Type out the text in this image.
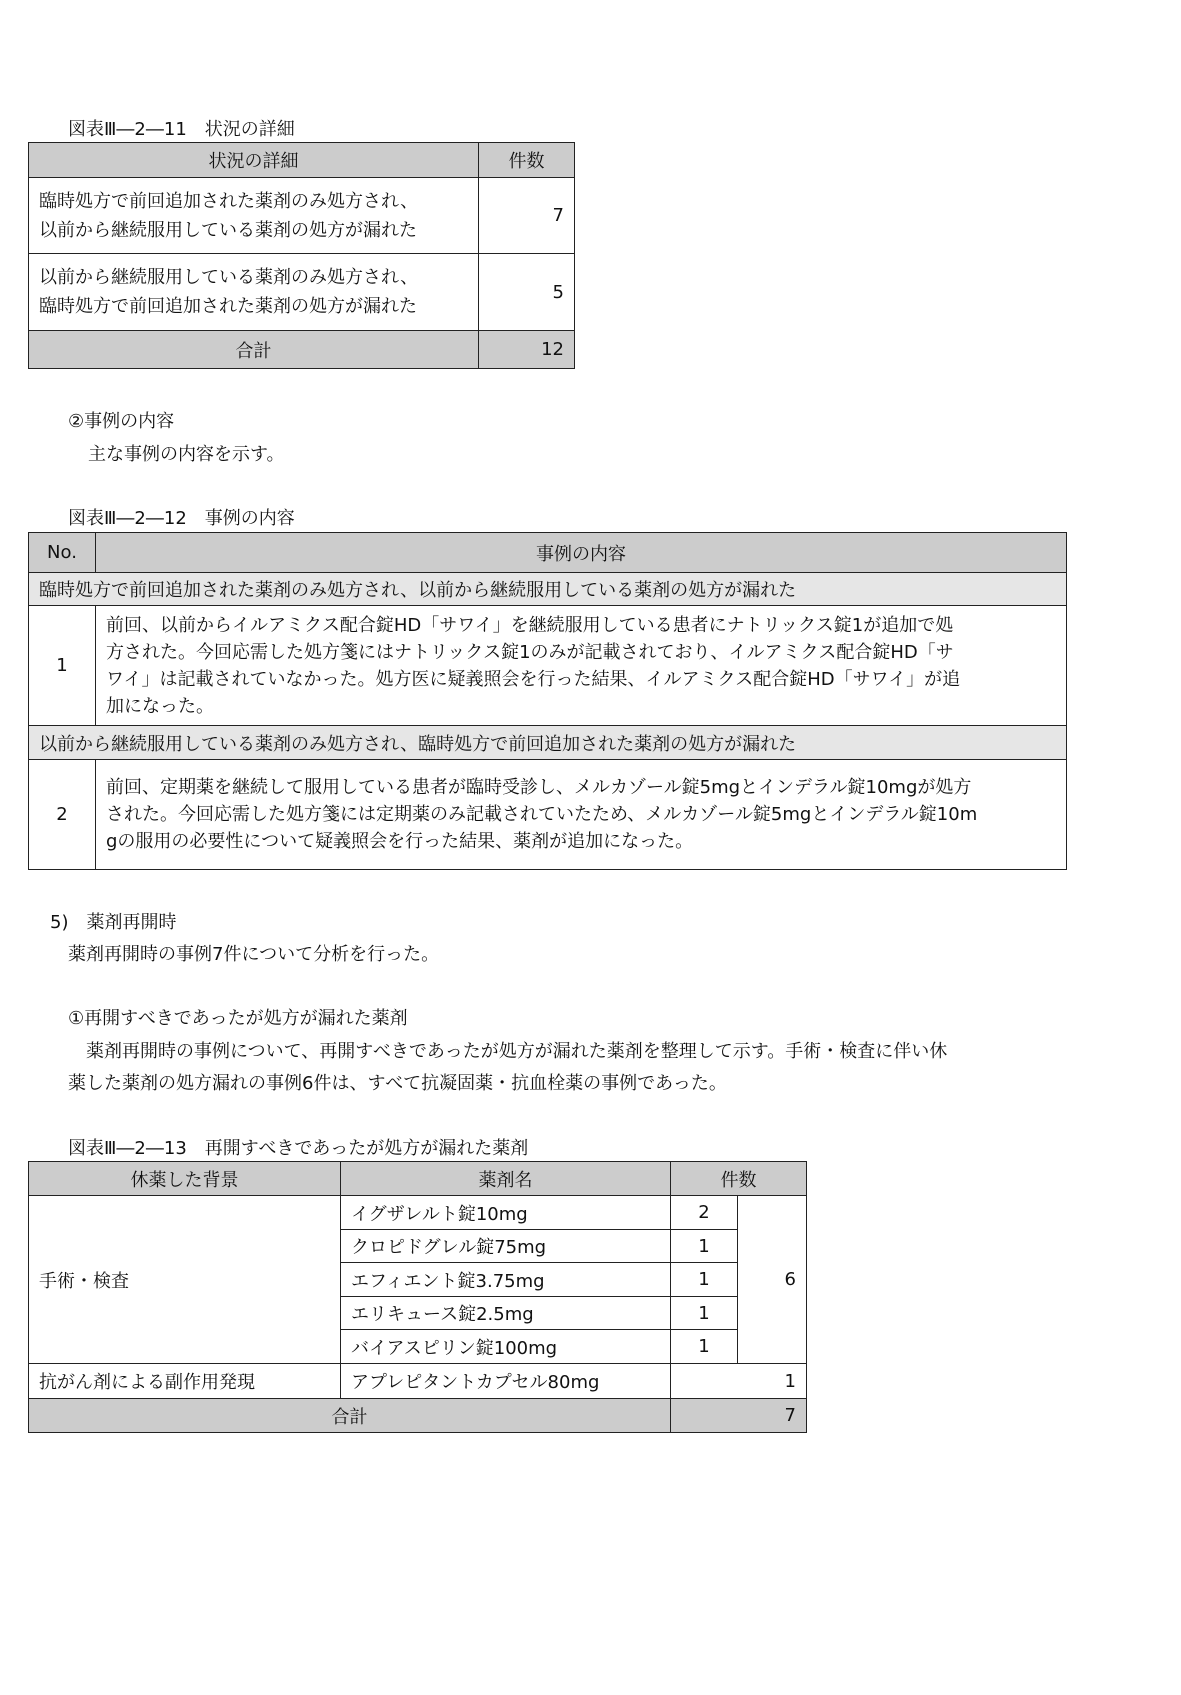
図表Ⅲ―2―11　状況の詳細
状況の詳細	件数

臨時処方で前回追加された薬剤のみ処方され、
以前から継続服用している薬剤の処方が漏れた	7

以前から継続服用している薬剤のみ処方され、
臨時処方で前回追加された薬剤の処方が漏れた	5
合計	12
②事例の内容
主な事例の内容を示す。
図表Ⅲ―2―12　事例の内容
No.	事例の内容
臨時処方で前回追加された薬剤のみ処方され、以前から継続服用している薬剤の処方が漏れた	
1	前回、以前からイルアミクス配合錠HD「サワイ」を継続服用している患者にナトリックス錠1が追加で処
方された。今回応需した処方箋にはナトリックス錠1のみが記載されており、イルアミクス配合錠HD「サ
ワイ」は記載されていなかった。処方医に疑義照会を行った結果、イルアミクス配合錠HD「サワイ」が追
加になった。

以前から継続服用している薬剤のみ処方され、臨時処方で前回追加された薬剤の処方が漏れた	
2	前回、定期薬を継続して服用している患者が臨時受診し、メルカゾール錠5mgとインデラル錠10mgが処方
された。今回応需した処方箋には定期薬のみ記載されていたため、メルカゾール錠5mgとインデラル錠10m
gの服用の必要性について疑義照会を行った結果、薬剤が追加になった。
5)　薬剤再開時
薬剤再開時の事例7件について分析を行った。
①再開すべきであったが処方が漏れた薬剤
　薬剤再開時の事例について、再開すべきであったが処方が漏れた薬剤を整理して示す。手術・検査に伴い休
薬した薬剤の処方漏れの事例6件は、すべて抗凝固薬・抗血栓薬の事例であった。
図表Ⅲ―2―13　再開すべきであったが処方が漏れた薬剤
休薬した背景	薬剤名	件数	
手術・検査	イグザレルト錠10mg	2	6
	クロピドグレル錠75mg	1	
	エフィエント錠3.75mg	1	
	エリキュース錠2.5mg	1	
	バイアスピリン錠100mg	1	
抗がん剤による副作用発現	アプレピタントカプセル80mg	1	
合計		7	
